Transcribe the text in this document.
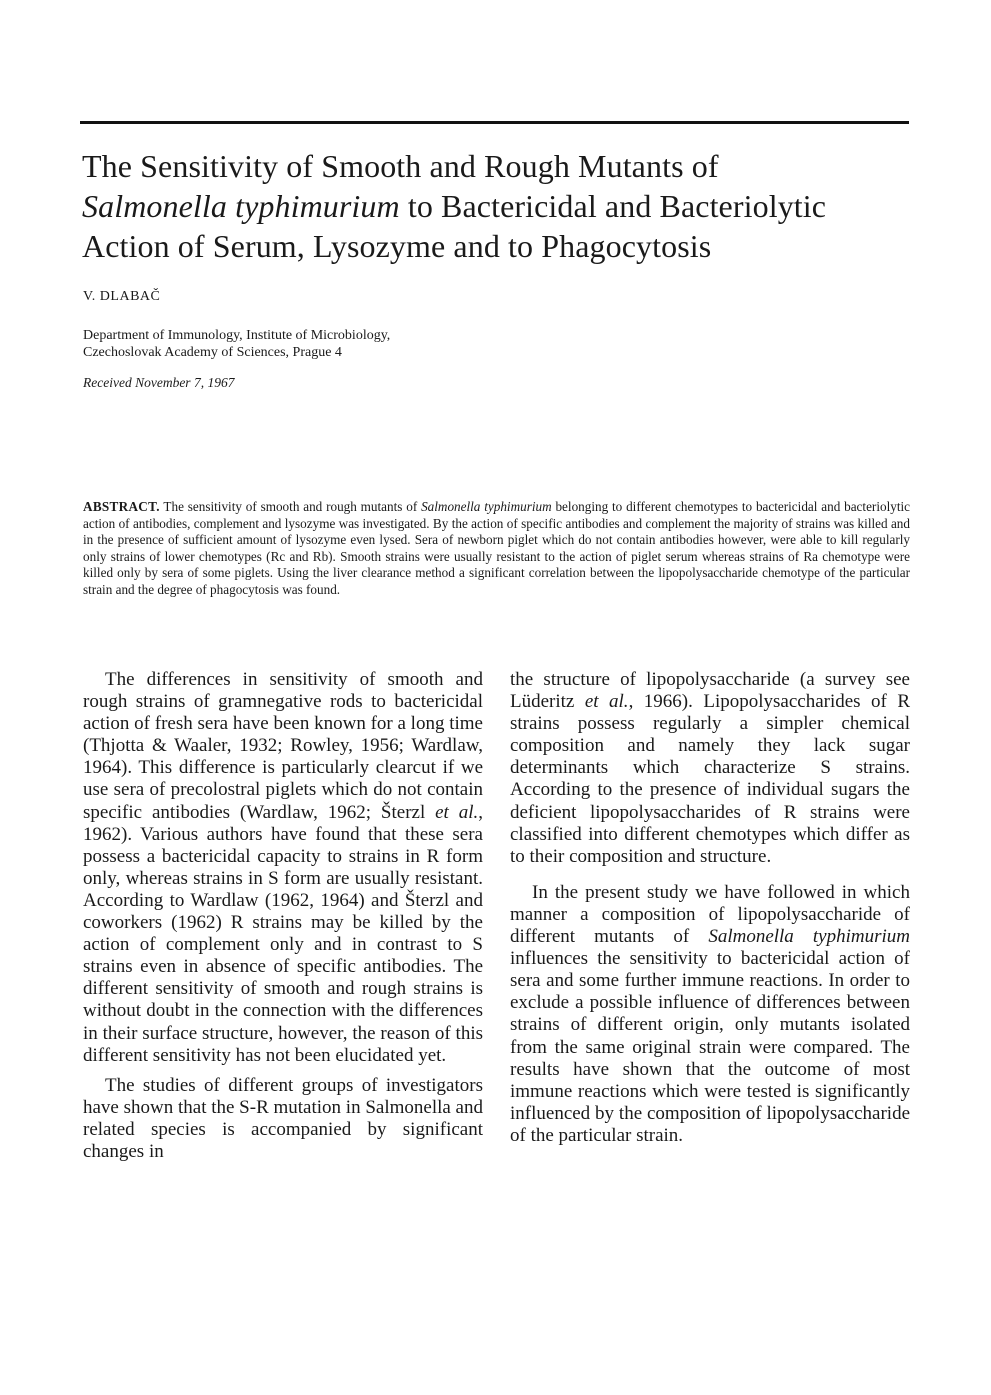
The Sensitivity of Smooth and Rough Mutants of
Salmonella typhimurium to Bactericidal and Bacteriolytic
Action of Serum, Lysozyme and to Phagocytosis
V. DLABAČ
Department of Immunology, Institute of Microbiology,
Czechoslovak Academy of Sciences, Prague 4
Received November 7, 1967

ABSTRACT. The sensitivity of smooth and rough mutants of Salmonella typhimurium belonging to different chemotypes to bactericidal and bacteriolytic action of antibodies, complement and lysozyme was investigated. By the action of specific antibodies and complement the majority of strains was killed and in the presence of sufficient amount of lysozyme even lysed. Sera of newborn piglet which do not contain antibodies however, were able to kill regularly only strains of lower chemotypes (Rc and Rb). Smooth strains were usually resistant to the action of piglet serum whereas strains of Ra chemotype were killed only by sera of some piglets. Using the liver clearance method a significant correlation between the lipopolysaccharide chemotype of the particular strain and the degree of phagocytosis was found.

The differences in sensitivity of smooth and rough strains of gramnegative rods to bactericidal action of fresh sera have been known for a long time (Thjotta & Waaler, 1932; Rowley, 1956; Wardlaw, 1964). This difference is particularly clearcut if we use sera of precolostral piglets which do not contain specific antibodies (Wardlaw, 1962; Šterzl et al., 1962). Various authors have found that these sera possess a bactericidal capacity to strains in R form only, whereas strains in S form are usually resistant. According to Wardlaw (1962, 1964) and Šterzl and coworkers (1962) R strains may be killed by the action of complement only and in contrast to S strains even in absence of specific antibodies. The different sensitivity of smooth and rough strains is without doubt in the connection with the differences in their surface structure, however, the reason of this different sensitivity has not been elucidated yet.

The studies of different groups of investigators have shown that the S-R mutation in Salmonella and related species is accompanied by significant changes in

the structure of lipopolysaccharide (a survey see Lüderitz et al., 1966). Lipopolysaccharides of R strains possess regularly a simpler chemical composition and namely they lack sugar determinants which characterize S strains. According to the presence of individual sugars the deficient lipopolysaccharides of R strains were classified into different chemotypes which differ as to their composition and structure.

In the present study we have followed in which manner a composition of lipopolysaccharide of different mutants of Salmonella typhimurium influences the sensitivity to bactericidal action of sera and some further immune reactions. In order to exclude a possible influence of differences between strains of different origin, only mutants isolated from the same original strain were compared. The results have shown that the outcome of most immune reactions which were tested is significantly influenced by the composition of lipopolysaccharide of the particular strain.
